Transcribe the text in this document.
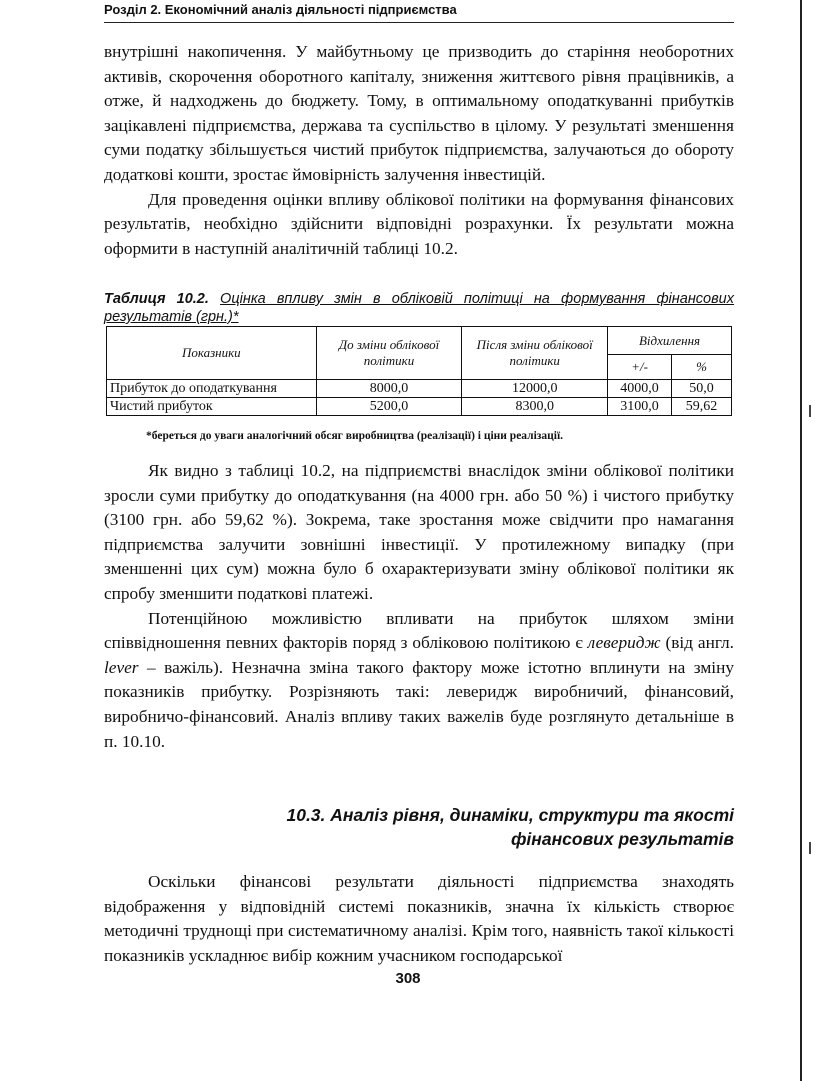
Розділ 2. Економічний аналіз діяльності підприємства

внутрішні накопичення. У майбутньому це призводить до старіння необоротних активів, скорочення оборотного капіталу, зниження життєвого рівня працівників, а отже, й надходжень до бюджету. Тому, в оптимальному оподаткуванні прибутків зацікавлені підприємства, держава та суспільство в цілому. У результаті зменшення суми податку збільшується чистий прибуток підприємства, залучаються до обороту додаткові кошти, зростає ймовірність залучення інвестицій.

Для проведення оцінки впливу облікової політики на формування фінансових результатів, необхідно здійснити відповідні розрахунки. Їх результати можна оформити в наступній аналітичній таблиці 10.2.

Таблиця 10.2. Оцінка впливу змін в обліковій політиці на формування фінансових результатів (грн.)*
Показники	До зміни облікової політики	Після зміни облікової політики	Відхилення	
			+/-	%
Прибуток до оподаткування	8000,0	12000,0	4000,0	50,0
Чистий прибуток	5200,0	8300,0	3100,0	59,62
*береться до уваги аналогічний обсяг виробництва (реалізації) і ціни реалізації.

Як видно з таблиці 10.2, на підприємстві внаслідок зміни облікової політики зросли суми прибутку до оподаткування (на 4000 грн. або 50 %) і чистого прибутку (3100 грн. або 59,62 %). Зокрема, таке зростання може свідчити про намагання підприємства залучити зовнішні інвестиції. У протилежному випадку (при зменшенні цих сум) можна було б охарактеризувати зміну облікової політики як спробу зменшити податкові платежі.

Потенційною можливістю впливати на прибуток шляхом зміни співвідношення певних факторів поряд з обліковою політикою є леверидж (від англ. lever – важіль). Незначна зміна такого фактору може істотно вплинути на зміну показників прибутку. Розрізняють такі: леверидж виробничий, фінансовий, виробничо-фінансовий. Аналіз впливу таких важелів буде розглянуто детальніше в п. 10.10.

10.3. Аналіз рівня, динаміки, структури та якості
фінансових результатів

Оскільки фінансові результати діяльності підприємства знаходять відображення у відповідній системі показників, значна їх кількість створює методичні труднощі при систематичному аналізі. Крім того, наявність такої кількості показників ускладнює вибір кожним учасником господарської

308
